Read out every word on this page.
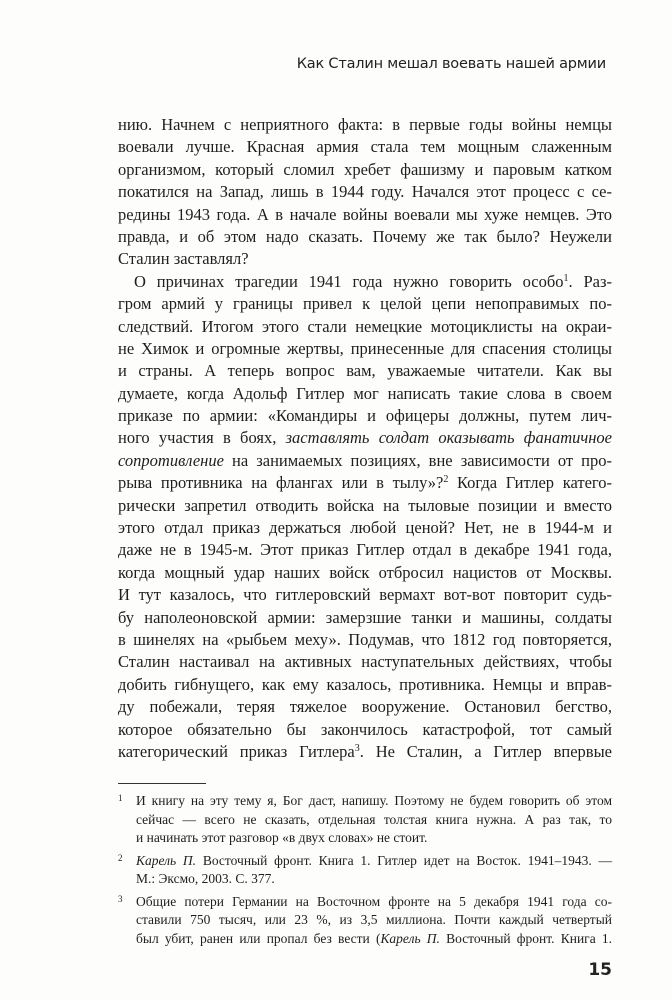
Как Сталин мешал воевать нашей армии
нию. Начнем с неприятного факта: в первые годы войны немцы
воевали лучше. Красная армия стала тем мощным слаженным
организмом, который сломил хребет фашизму и паровым катком
покатился на Запад, лишь в 1944 году. Начался этот процесс с се-
редины 1943 года. А в начале войны воевали мы хуже немцев. Это
правда, и об этом надо сказать. Почему же так было? Неужели
Сталин заставлял?
О причинах трагедии 1941 года нужно говорить особо$^1$. Раз-
гром армий у границы привел к целой цепи непоправимых по-
следствий. Итогом этого стали немецкие мотоциклисты на окраи-
не Химок и огромные жертвы, принесенные для спасения столицы
и страны. А теперь вопрос вам, уважаемые читатели. Как вы
думаете, когда Адольф Гитлер мог написать такие слова в своем
приказе по армии: «Командиры и офицеры должны, путем лич-
ного участия в боях, заставлять солдат оказывать фанатичное
сопротивление на занимаемых позициях, вне зависимости от про-
рыва противника на флангах или в тылу»?$^2$ Когда Гитлер катего-
рически запретил отводить войска на тыловые позиции и вместо
этого отдал приказ держаться любой ценой? Нет, не в 1944-м и
даже не в 1945-м. Этот приказ Гитлер отдал в декабре 1941 года,
когда мощный удар наших войск отбросил нацистов от Москвы.
И тут казалось, что гитлеровский вермахт вот-вот повторит судь-
бу наполеоновской армии: замерзшие танки и машины, солдаты
в шинелях на «рыбьем меху». Подумав, что 1812 год повторяется,
Сталин настаивал на активных наступательных действиях, чтобы
добить гибнущего, как ему казалось, противника. Немцы и вправ-
ду побежали, теряя тяжелое вооружение. Остановил бегство,
которое обязательно бы закончилось катастрофой, тот самый
категорический приказ Гитлера$^3$. Не Сталин, а Гитлер впервые
1 И книгу на эту тему я, Бог даст, напишу. Поэтому не будем говорить об этом
сейчас — всего не сказать, отдельная толстая книга нужна. А раз так, то
и начинать этот разговор «в двух словах» не стоит.
2 Карель П. Восточный фронт. Книга 1. Гитлер идет на Восток. 1941–1943. —
М.: Эксмо, 2003. С. 377.
3 Общие потери Германии на Восточном фронте на 5 декабря 1941 года со-
ставили 750 тысяч, или 23 %, из 3,5 миллиона. Почти каждый четвертый
был убит, ранен или пропал без вести (Карель П. Восточный фронт. Книга 1.
15
